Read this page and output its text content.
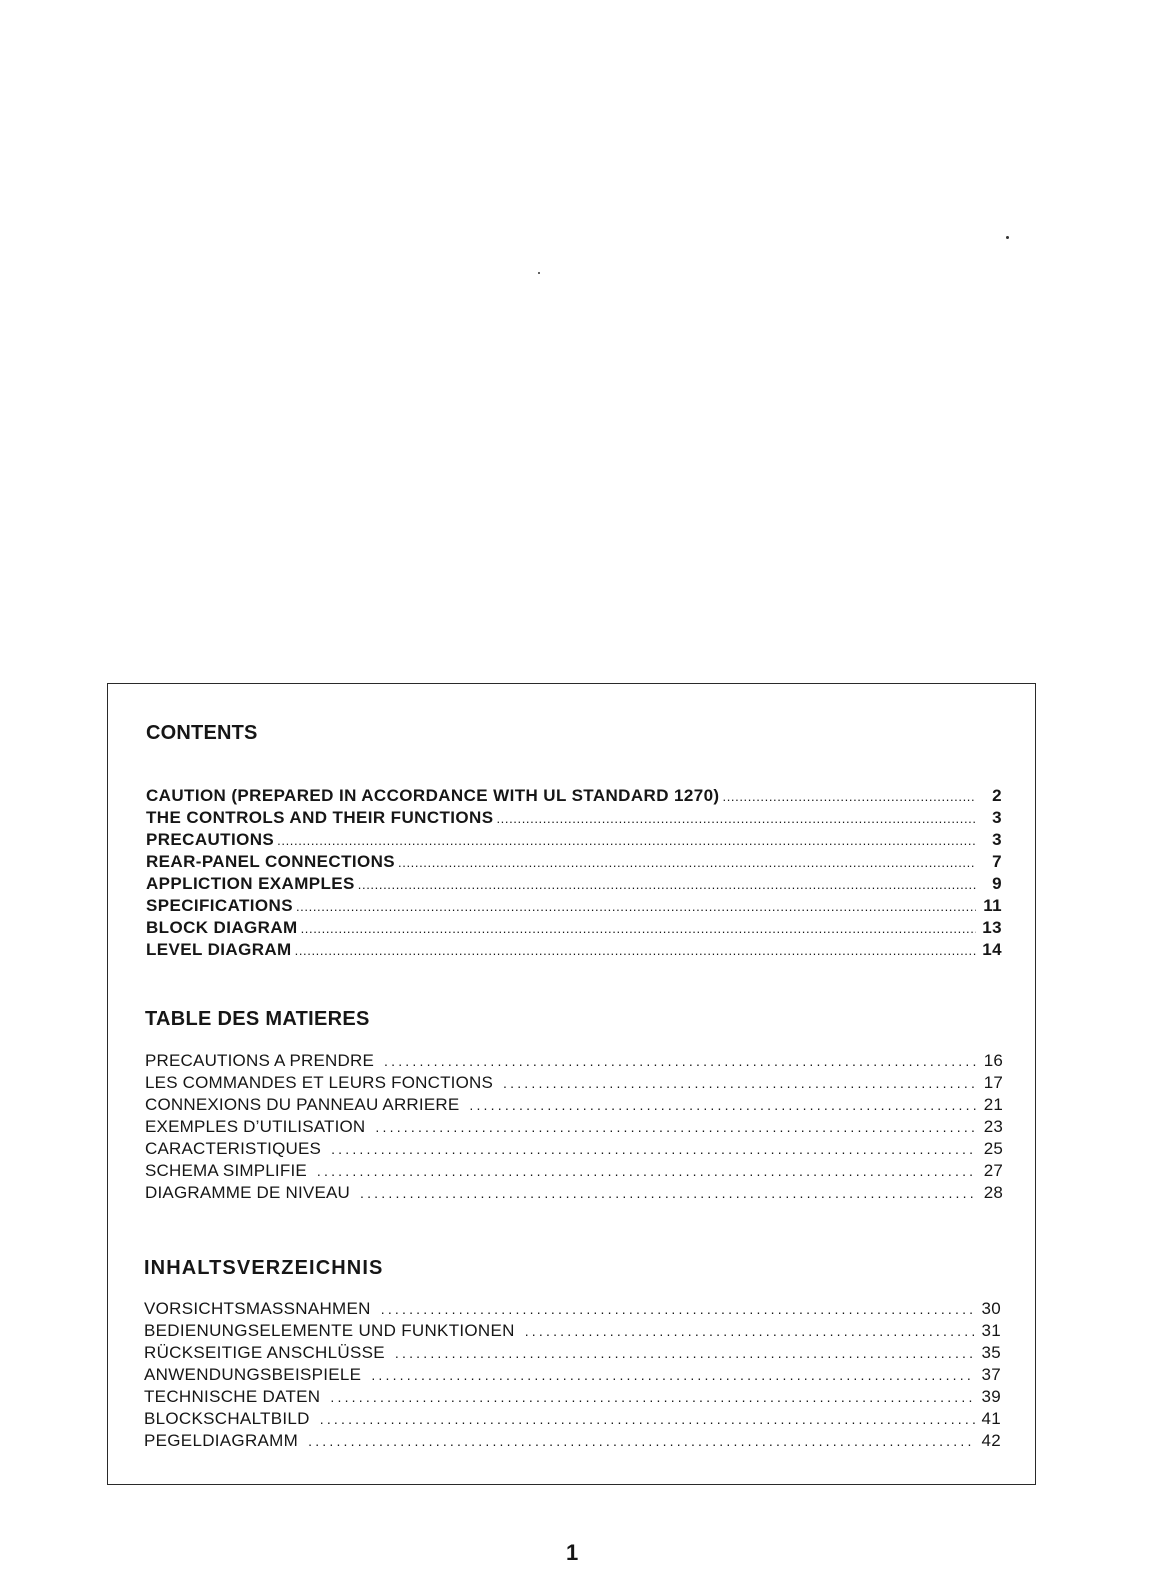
CONTENTS
CAUTION (PREPARED IN ACCORDANCE WITH UL STANDARD 1270) .....	2
THE CONTROLS AND THEIR FUNCTIONS .....	3
PRECAUTIONS .....	3
REAR-PANEL CONNECTIONS .....	7
APPLICTION EXAMPLES .....	9
SPECIFICATIONS .....	11
BLOCK DIAGRAM .....	13
LEVEL DIAGRAM .....	14
TABLE DES MATIERES
PRECAUTIONS A PRENDRE .....	16
LES COMMANDES ET LEURS FONCTIONS .....	17
CONNEXIONS DU PANNEAU ARRIERE .....	21
EXEMPLES D’UTILISATION .....	23
CARACTERISTIQUES .....	25
SCHEMA SIMPLIFIE .....	27
DIAGRAMME DE NIVEAU .....	28
INHALTSVERZEICHNIS
VORSICHTSMASSNAHMEN .....	30
BEDIENUNGSELEMENTE UND FUNKTIONEN .....	31
RÜCKSEITIGE ANSCHLÜSSE .....	35
ANWENDUNGSBEISPIELE .....	37
TECHNISCHE DATEN .....	39
BLOCKSCHALTBILD .....	41
PEGELDIAGRAMM .....	42
1
